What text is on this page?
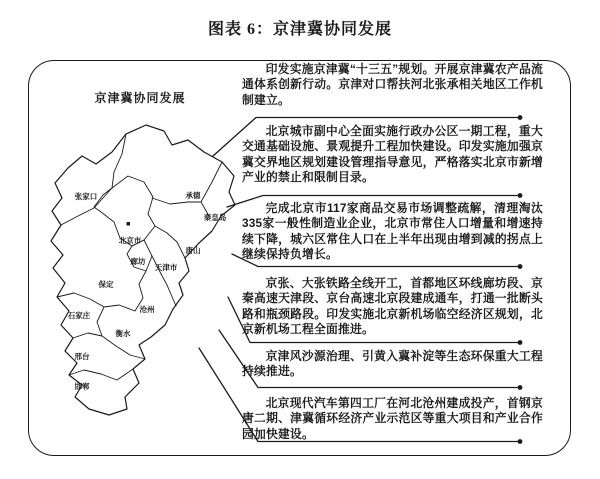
图表 6：京津冀协同发展
京津冀协同发展
张家口	承德
秦皇岛
北京市
唐山
廊坊
天津市
保定
石家庄
沧州
衡水
邢台
邯郸
印发实施京津冀“十三五”规划。开展京津冀农产品流通体系创新行动。京津对口帮扶河北张承相关地区工作机制建立。
北京城市副中心全面实施行政办公区一期工程，重大交通基础设施、景观提升工程加快建设。印发实施加强京冀交界地区规划建设管理指导意见，严格落实北京市新增产业的禁止和限制目录。
完成北京市117家商品交易市场调整疏解，清理淘汰335家一般性制造业企业，北京市常住人口增量和增速持续下降，城六区常住人口在上半年出现由增到减的拐点上继续保持负增长。
京张、大张铁路全线开工，首都地区环线廊坊段、京秦高速天津段、京台高速北京段建成通车，打通一批断头路和瓶颈路段。印发实施北京新机场临空经济区规划，北京新机场工程全面推进。
京津风沙源治理、引黄入冀补淀等生态环保重大工程持续推进。
北京现代汽车第四工厂在河北沧州建成投产，首钢京唐二期、津冀循环经济产业示范区等重大项目和产业合作园加快建设。
